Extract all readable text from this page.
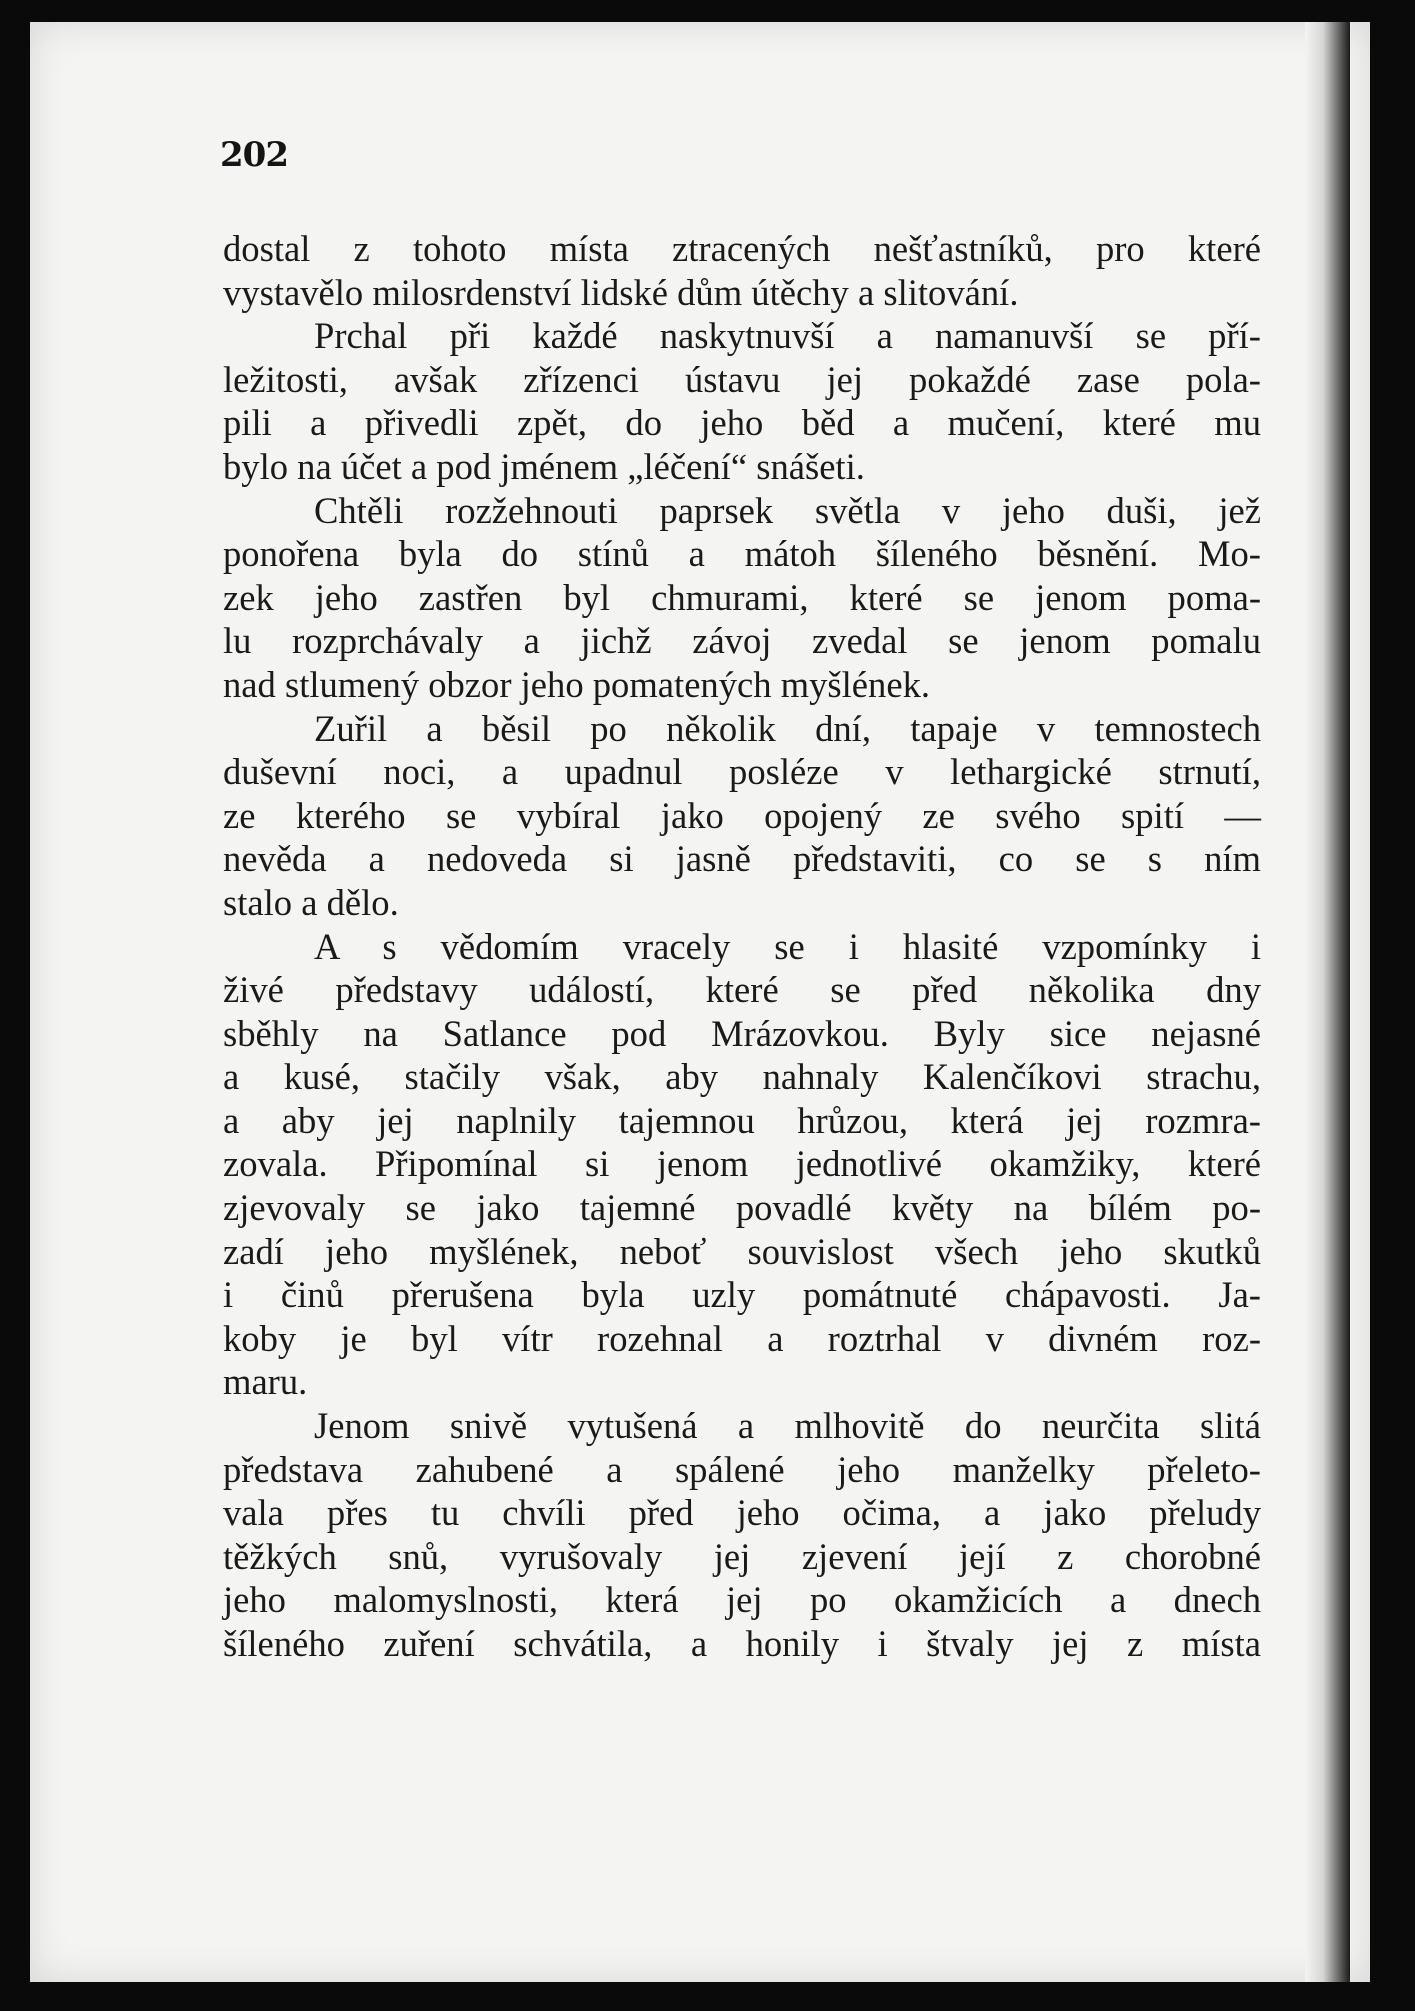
202

dostal z tohoto místa ztracených nešťastníků, pro které

vystavělo milosrdenství lidské dům útěchy a slitování.

Prchal při každé naskytnuvší a namanuvší se pří-

ležitosti, avšak zřízenci ústavu jej pokaždé zase pola-

pili a přivedli zpět, do jeho běd a mučení, které mu

bylo na účet a pod jménem „léčení“ snášeti.

Chtěli rozžehnouti paprsek světla v jeho duši, jež

ponořena byla do stínů a mátoh šíleného běsnění. Mo-

zek jeho zastřen byl chmurami, které se jenom poma-

lu rozprchávaly a jichž závoj zvedal se jenom pomalu

nad stlumený obzor jeho pomatených myšlének.

Zuřil a běsil po několik dní, tapaje v temnostech

duševní noci, a upadnul posléze v lethargické strnutí,

ze kterého se vybíral jako opojený ze svého spití —

nevěda a nedoveda si jasně představiti, co se s ním

stalo a dělo.

A s vědomím vracely se i hlasité vzpomínky i

živé představy událostí, které se před několika dny

sběhly na Satlance pod Mrázovkou. Byly sice nejasné

a kusé, stačily však, aby nahnaly Kalenčíkovi strachu,

a aby jej naplnily tajemnou hrůzou, která jej rozmra-

zovala. Připomínal si jenom jednotlivé okamžiky, které

zjevovaly se jako tajemné povadlé květy na bílém po-

zadí jeho myšlének, neboť souvislost všech jeho skutků

i činů přerušena byla uzly pomátnuté chápavosti. Ja-

koby je byl vítr rozehnal a roztrhal v divném roz-

maru.

Jenom snivě vytušená a mlhovitě do neurčita slitá

představa zahubené a spálené jeho manželky přeleto-

vala přes tu chvíli před jeho očima, a jako přeludy

těžkých snů, vyrušovaly jej zjevení její z chorobné

jeho malomyslnosti, která jej po okamžicích a dnech

šíleného zuření schvátila, a honily i štvaly jej z místa
